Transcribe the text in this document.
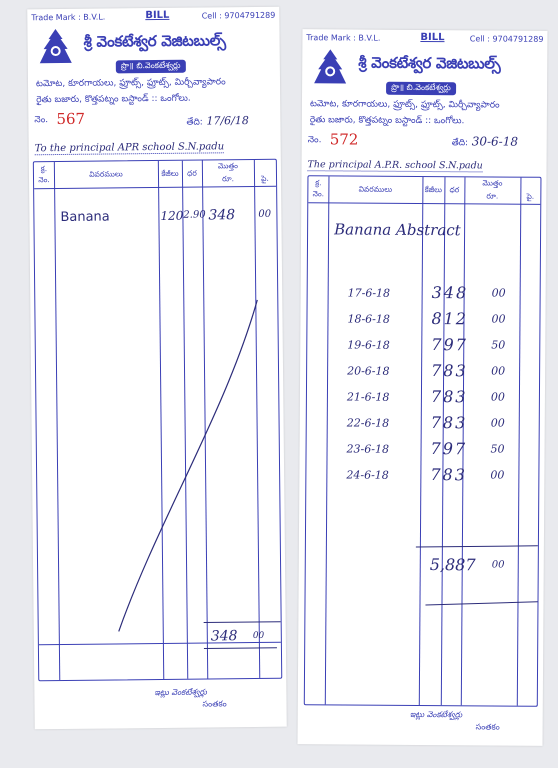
Trade Mark : B.V.L.	BILL	Cell : 9704791289
శ్రీ వెంకటేశ్వర వెజిటబుల్స్
ప్రొ॥ బి.వెంకటేశ్వర్లు
టమోట, కూరగాయలు, ఫ్రూట్స్, ఫ్రూట్స్, మిర్చీవ్యాపారం
రైతు బజారు, కొత్తపట్నం బస్టాండ్ :: ఒంగోలు.
నెం. 567	తేది: 17/6/18
To the principal APR school S.N.padu
క్ర. నెం.
వివరములు	కేజీలు	ధర
మొత్తం
రూ.	పై.
Banana	120 2.90 348 00
348 00
ఇట్లు వెంకటేశ్వర్లు
సంతకం
Trade Mark : B.V.L.	BILL	Cell : 9704791289
శ్రీ వెంకటేశ్వర వెజిటబుల్స్
ప్రొ॥ బి.వెంకటేశ్వర్లు
టమోట, కూరగాయలు, ఫ్రూట్స్, ఫ్రూట్స్, మిర్చీవ్యాపారం
రైతు బజారు, కొత్తపట్నం బస్టాండ్ :: ఒంగోలు.
నెం. 572	తేది: 30-6-18
The principal A.P.R. school S.N.padu
క్ర. నెం.	వివరములు	కేజీలు ధర
మొత్తం
రూ.	పై.
Banana Abstract
17-6-18	348 00
18-6-18	812 00
19-6-18	797 50
20-6-18	783 00
21-6-18	783 00
22-6-18	783 00
23-6-18	797 50
24-6-18	783 00
5,887 00
ఇట్లు వెంకటేశ్వర్లు
సంతకం
